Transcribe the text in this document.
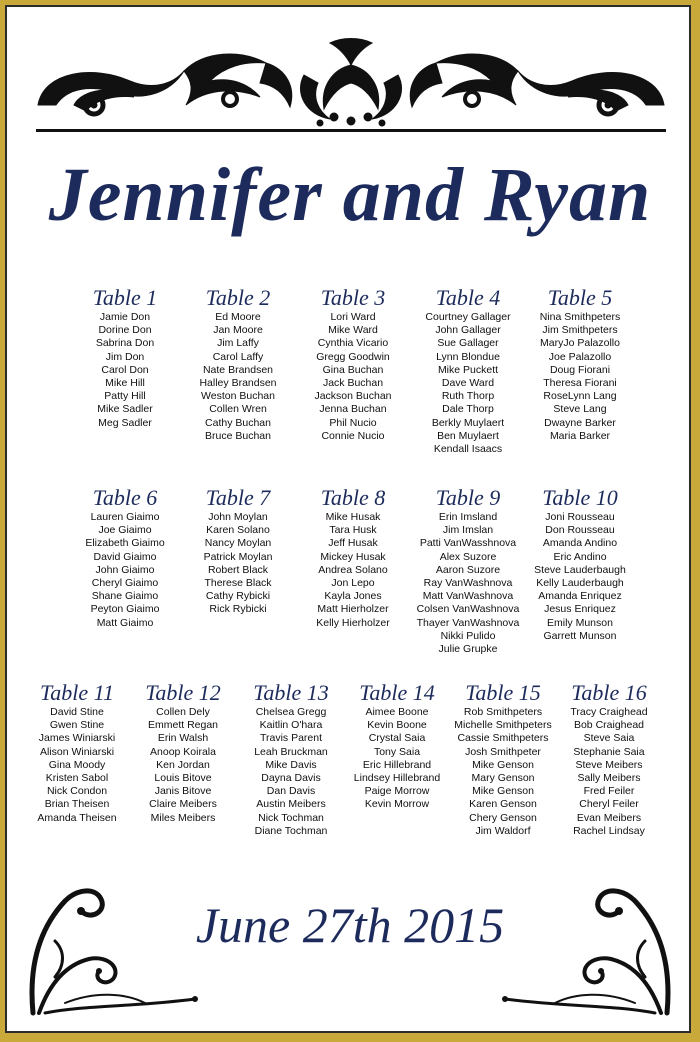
Jennifer and Ryan
Table 1
Jamie Don
Dorine Don
Sabrina Don
Jim Don
Carol Don
Mike Hill
Patty Hill
Mike Sadler
Meg Sadler
Table 2
Ed Moore
Jan Moore
Jim Laffy
Carol Laffy
Nate Brandsen
Halley Brandsen
Weston Buchan
Collen Wren
Cathy Buchan
Bruce Buchan
Table 3
Lori Ward
Mike Ward
Cynthia Vicario
Gregg Goodwin
Gina Buchan
Jack Buchan
Jackson Buchan
Jenna Buchan
Phil Nucio
Connie Nucio
Table 4
Courtney Gallager
John Gallager
Sue Gallager
Lynn Blondue
Mike Puckett
Dave Ward
Ruth Thorp
Dale Thorp
Berkly Muylaert
Ben Muylaert
Kendall Isaacs
Table 5
Nina Smithpeters
Jim Smithpeters
MaryJo Palazollo
Joe Palazollo
Doug Fiorani
Theresa Fiorani
RoseLynn Lang
Steve Lang
Dwayne Barker
Maria Barker
Table 6
Lauren Giaimo
Joe Giaimo
Elizabeth Giaimo
David Giaimo
John Giaimo
Cheryl Giaimo
Shane Giaimo
Peyton Giaimo
Matt Giaimo
Table 7
John Moylan
Karen Solano
Nancy Moylan
Patrick Moylan
Robert Black
Therese Black
Cathy Rybicki
Rick Rybicki
Table 8
Mike Husak
Tara Husk
Jeff Husak
Mickey Husak
Andrea Solano
Jon Lepo
Kayla Jones
Matt Hierholzer
Kelly Hierholzer
Table 9
Erin Imsland
Jim Imslan
Patti VanWasshnova
Alex Suzore
Aaron Suzore
Ray VanWashnova
Matt VanWashnova
Colsen VanWashnova
Thayer VanWashnova
Nikki Pulido
Julie Grupke
Table 10
Joni Rousseau
Don Rousseau
Amanda Andino
Eric Andino
Steve Lauderbaugh
Kelly Lauderbaugh
Amanda Enriquez
Jesus Enriquez
Emily Munson
Garrett Munson
Table 11
David Stine
Gwen Stine
James Winiarski
Alison Winiarski
Gina Moody
Kristen Sabol
Nick Condon
Brian Theisen
Amanda Theisen
Table 12
Collen Dely
Emmett Regan
Erin Walsh
Anoop Koirala
Ken Jordan
Louis Bitove
Janis Bitove
Claire Meibers
Miles Meibers
Table 13
Chelsea Gregg
Kaitlin O'hara
Travis Parent
Leah Bruckman
Mike Davis
Dayna Davis
Dan Davis
Austin Meibers
Nick Tochman
Diane Tochman
Table 14
Aimee Boone
Kevin Boone
Crystal Saia
Tony Saia
Eric Hillebrand
Lindsey Hillebrand
Paige Morrow
Kevin Morrow
Table 15
Rob Smithpeters
Michelle Smithpeters
Cassie Smithpeters
Josh Smithpeter
Mike Genson
Mary Genson
Mike Genson
Karen Genson
Chery Genson
Jim Waldorf
Table 16
Tracy Craighead
Bob Craighead
Steve Saia
Stephanie Saia
Steve Meibers
Sally Meibers
Fred Feiler
Cheryl Feiler
Evan Meibers
Rachel Lindsay
June 27th 2015
